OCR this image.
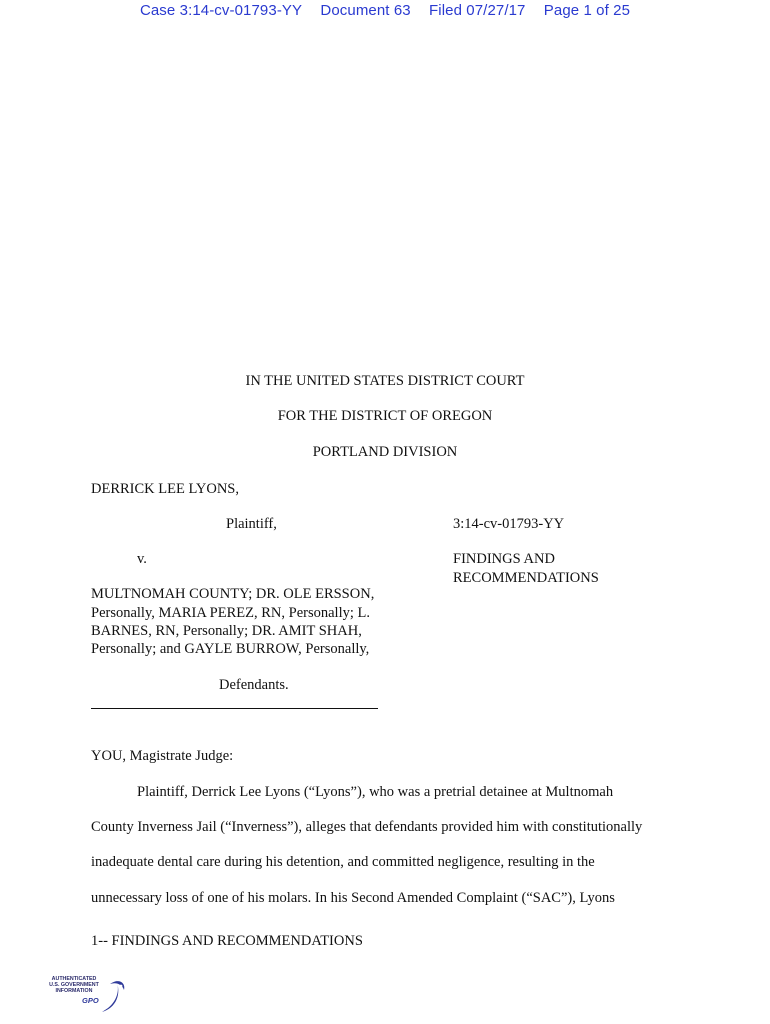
Case 3:14-cv-01793-YY Document 63 Filed 07/27/17 Page 1 of 25
IN THE UNITED STATES DISTRICT COURT
FOR THE DISTRICT OF OREGON
PORTLAND DIVISION
DERRICK LEE LYONS,
Plaintiff,	3:14-cv-01793-YY
v.	FINDINGS AND
RECOMMENDATIONS
MULTNOMAH COUNTY; DR. OLE ERSSON,
Personally, MARIA PEREZ, RN, Personally; L.
BARNES, RN, Personally; DR. AMIT SHAH,
Personally; and GAYLE BURROW, Personally,
Defendants.
YOU, Magistrate Judge:
Plaintiff, Derrick Lee Lyons (“Lyons”), who was a pretrial detainee at Multnomah
County Inverness Jail (“Inverness”), alleges that defendants provided him with constitutionally
inadequate dental care during his detention, and committed negligence, resulting in the
unnecessary loss of one of his molars. In his Second Amended Complaint (“SAC”), Lyons
1-- FINDINGS AND RECOMMENDATIONS
AUTHENTICATED
U.S. GOVERNMENT
INFORMATION
GPO
